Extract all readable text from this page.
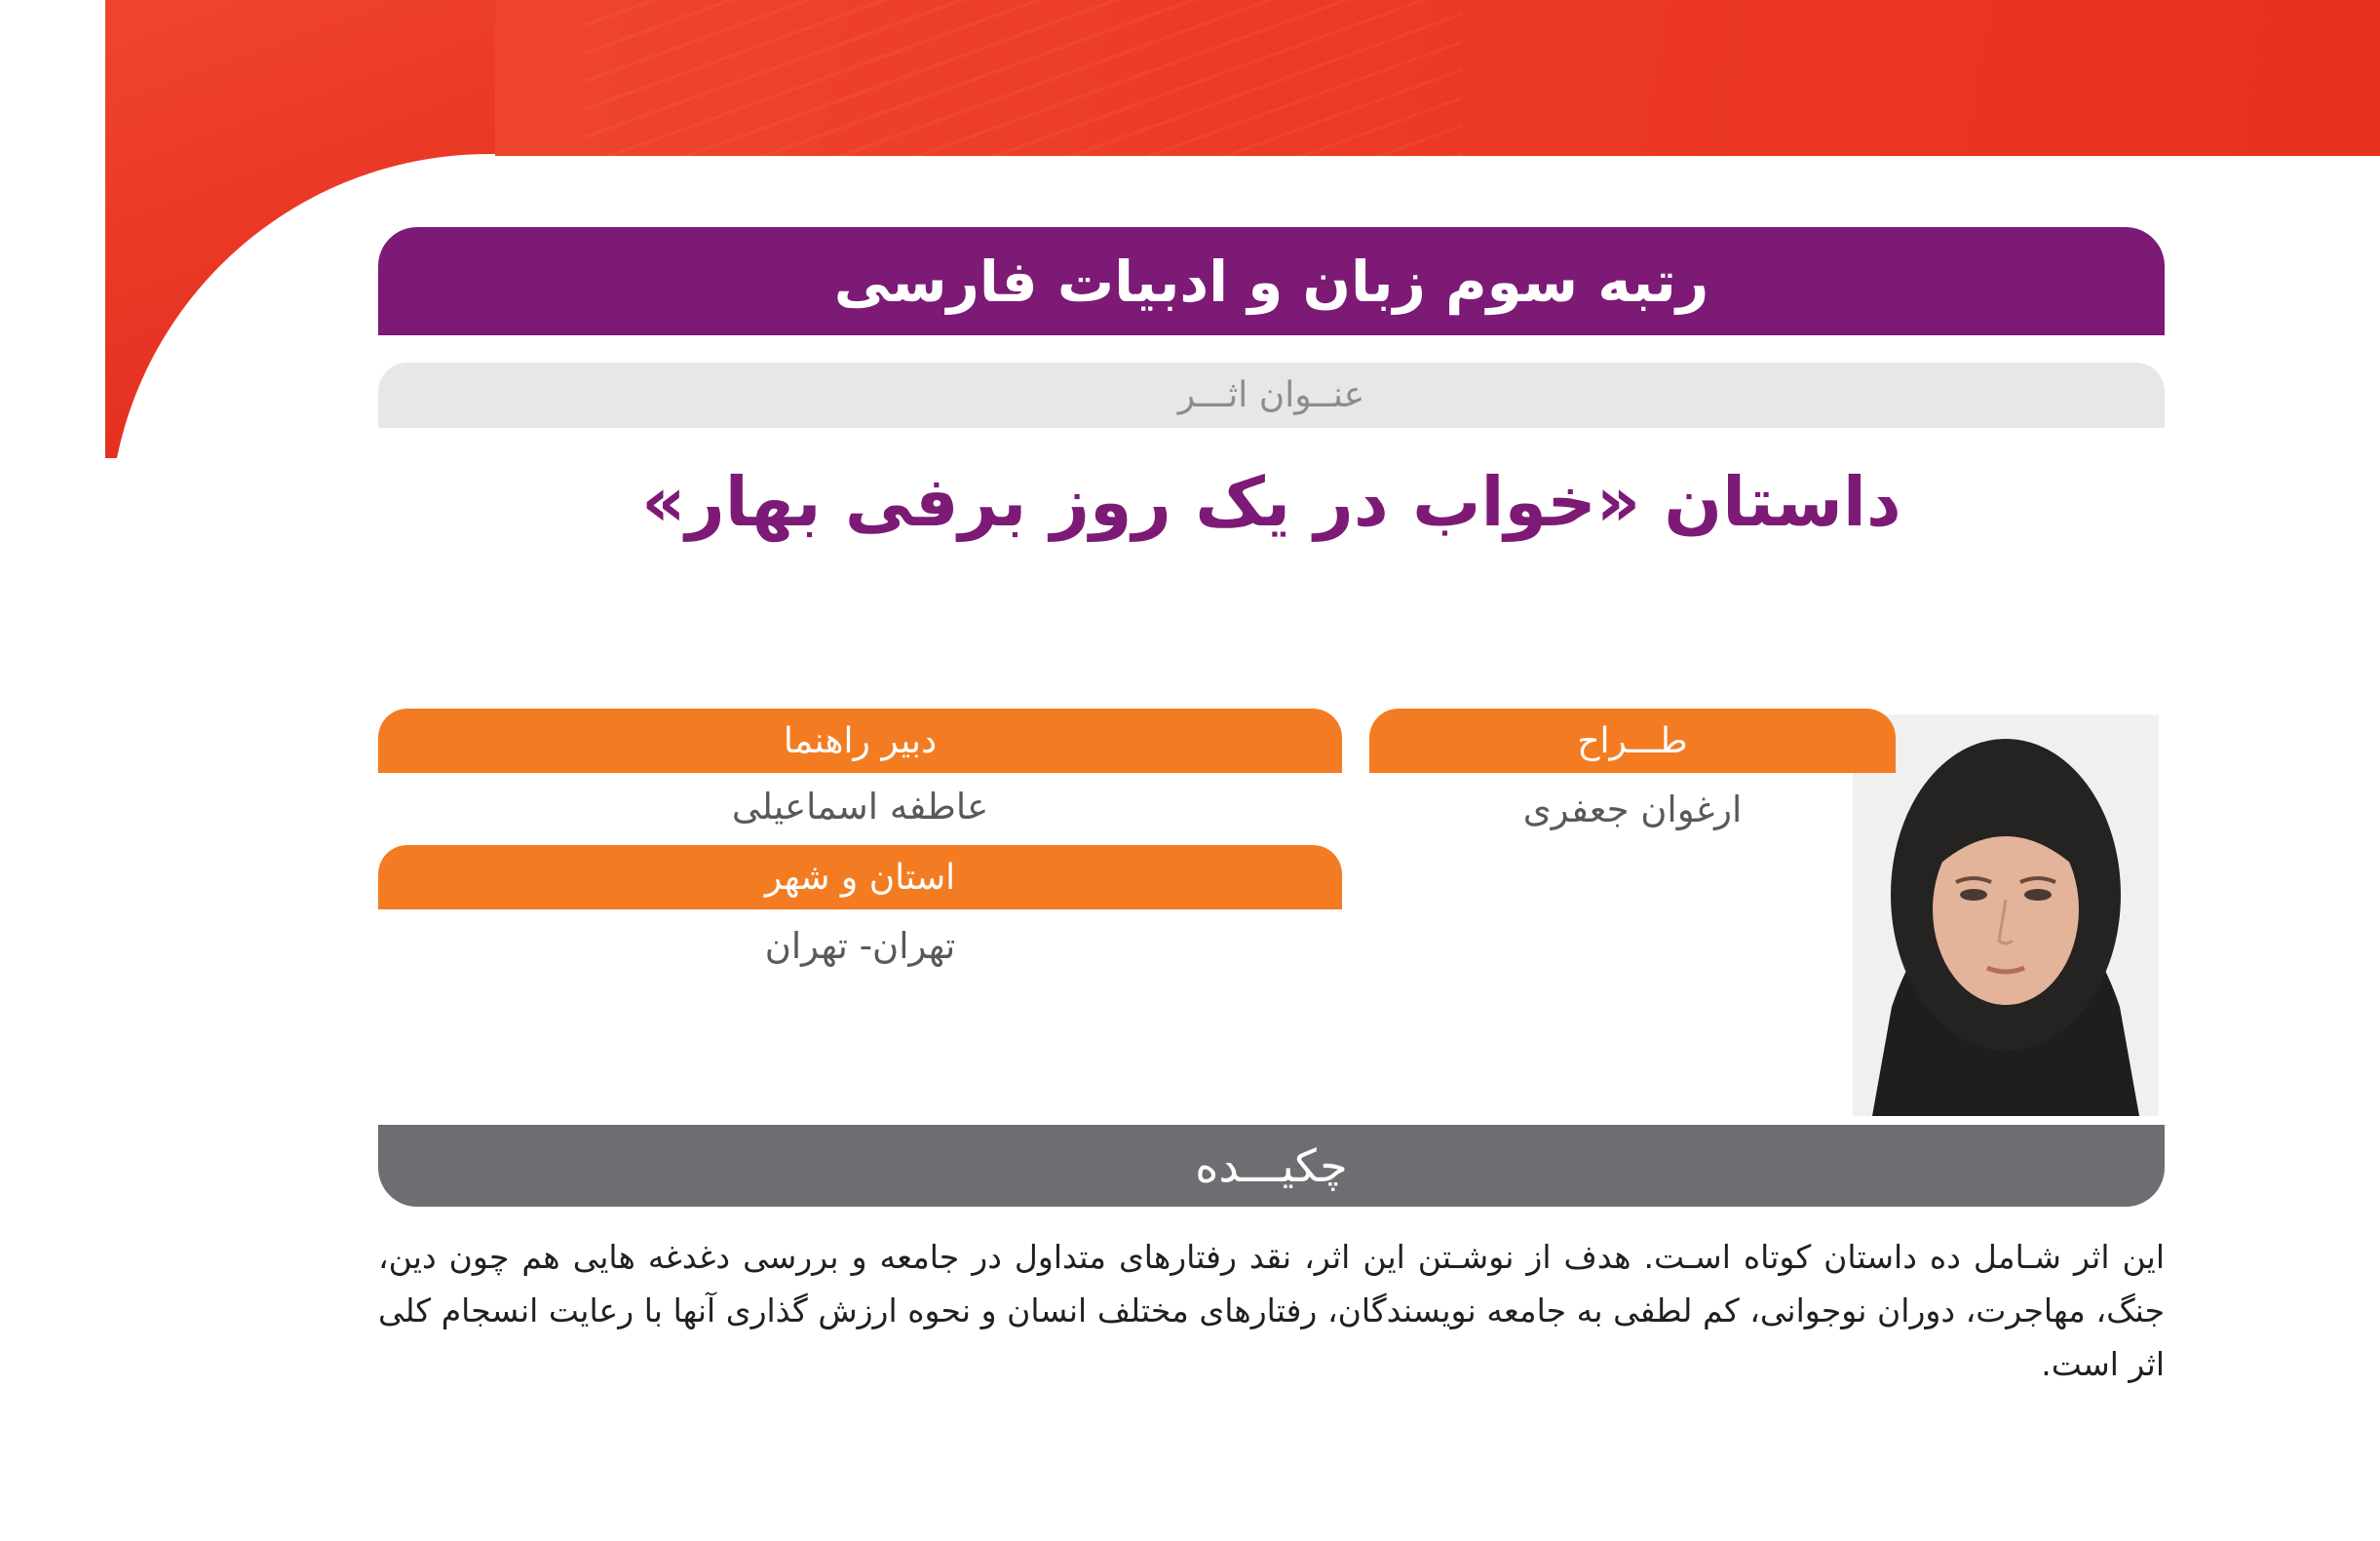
رتبه سوم زبان و ادبیات فارسی
عنــوان اثـــر
داستان «خواب در یک روز برفی بهار»
طـــراح
ارغوان جعفری
دبیر راهنما
عاطفه اسماعیلی
استان و شهر
تهران- تهران
چکیـــده
این اثر شـامل ده داستان کوتاه اسـت. هدف از نوشـتن این اثر، نقد رفتارهای متداول در جامعه و بررسی دغدغه هایی هم چون دین، جنگ، مهاجرت، دوران نوجوانی، کم لطفی به جامعه نویسندگان، رفتارهای مختلف انسان و نحوه ارزش گذاری آنها با رعایت انسجام کلی اثر است.
